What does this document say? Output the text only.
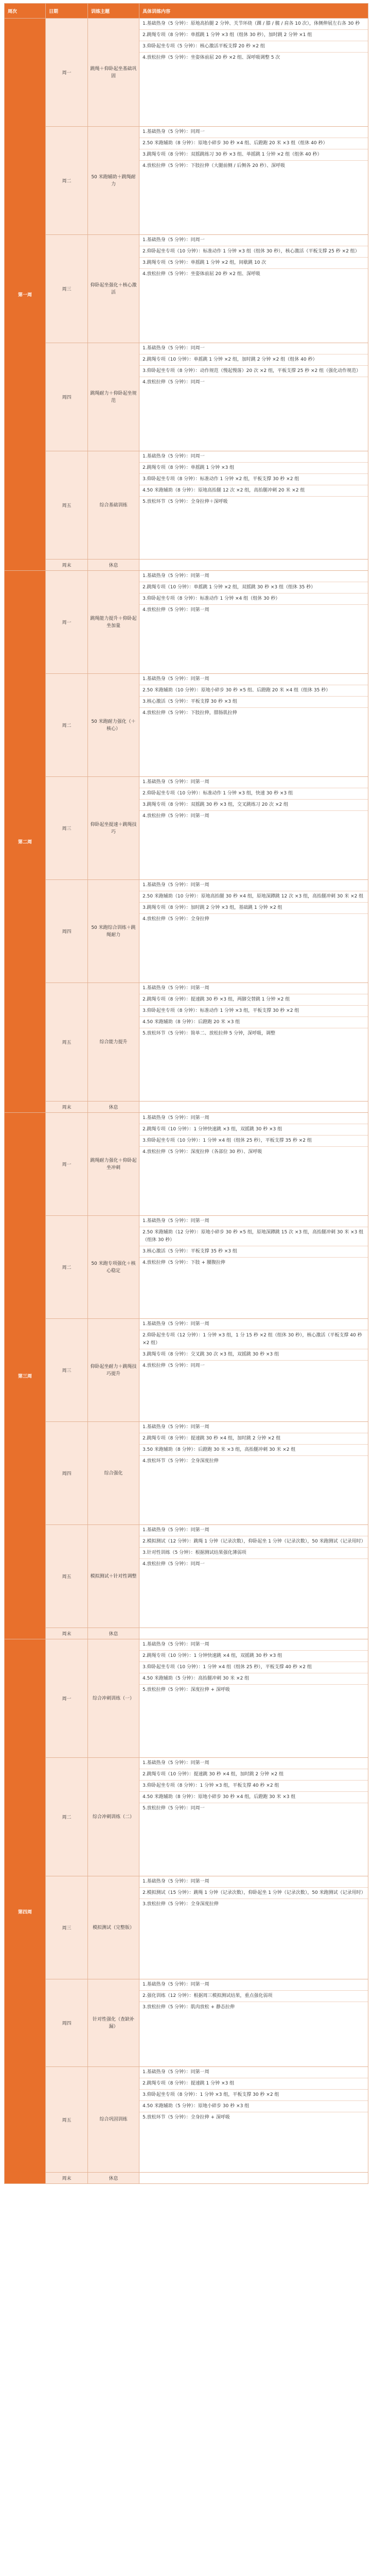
周次	日期	训练主题	具体训练内容
第一周	周一	跳绳＋仰卧起坐基础巩固	1.基础热身（5 分钟）：原地高抬腿 2 分钟、关节环绕（踝 / 膝 / 髋 / 肩各 10 次），体侧伸展左右各 30 秒
2.跳绳专项（8 分钟）：单摇跳 1 分钟 ×3 组（组休 30 秒），加时跳 2 分钟 ×1 组
3.仰卧起坐专项（5 分钟）：核心激活平板支撑 20 秒 ×2 组
4.放松拉伸（5 分钟）：坐姿体前屈 20 秒 ×2 组、深呼吸调整 5 次

	周二	50 米跑辅助＋跳绳耐力	1.基础热身（5 分钟）：同周一
2.50 米跑辅助（8 分钟）：原地小碎步 30 秒 ×4 组、后蹬跑 20 米 ×3 组（组休 40 秒）
3.跳绳专项（8 分钟）：双摇跳练习 30 秒 ×3 组、单摇跳 1 分钟 ×2 组（组休 40 秒）
4.放松拉伸（5 分钟）：下肢拉伸（大腿前侧 / 后侧各 20 秒）、深呼吸

	周三	仰卧起坐强化＋核心激活	1.基础热身（5 分钟）：同周一
2.仰卧起坐专项（10 分钟）：标准动作 1 分钟 ×3 组（组休 30 秒），核心激活（平板支撑 25 秒 ×2 组）
3.跳绳专项（5 分钟）：单摇跳 1 分钟 ×2 组，间歇跳 10 次
4.放松拉伸（5 分钟）：坐姿体前屈 20 秒 ×2 组、深呼吸

	周四	跳绳耐力＋仰卧起坐规范	1.基础热身（5 分钟）：同周一
2.跳绳专项（10 分钟）：单摇跳 1 分钟 ×2 组，加时跳 2 分钟 ×2 组（组休 40 秒）
3.仰卧起坐专项（8 分钟）：动作规范（慢起慢落）20 次 ×2 组，平板支撑 25 秒 ×2 组（强化动作规范）
4.放松拉伸（5 分钟）：同周一

	周五	综合基础训练	1.基础热身（5 分钟）：同周一
2.跳绳专项（8 分钟）：单摇跳 1 分钟 ×3 组
3.仰卧起坐专项（8 分钟）：标准动作 1 分钟 ×2 组，平板支撑 30 秒 ×2 组
4.50 米跑辅助（8 分钟）：原地高抬腿 12 次 ×2 组，高抬腿冲刺 20 米 ×2 组
5.放松环节（5 分钟）：全身拉伸＋深呼吸

	周末	休息	
第二周	周一	跳绳能力提升＋仰卧起坐加量	1.基础热身（5 分钟）：同第一周
2.跳绳专项（10 分钟）：单摇跳 1 分钟 ×2 组，双摇跳 30 秒 ×3 组（组休 35 秒）
3.仰卧起坐专项（8 分钟）：标准动作 1 分钟 ×4 组（组休 30 秒）
4.放松拉伸（5 分钟）：同第一周

	周二	50 米跑耐力强化（＋核心）	1.基础热身（5 分钟）：同第一周
2.50 米跑辅助（10 分钟）：原地小碎步 30 秒 ×5 组、后蹬跑 20 米 ×4 组（组休 35 秒）
3.核心激活（5 分钟）：平板支撑 30 秒 ×3 组
4.放松拉伸（5 分钟）：下肢拉伸，腓肠肌拉伸

	周三	仰卧起坐提速＋跳绳技巧	1.基础热身（5 分钟）：同第一周
2.仰卧起坐专项（10 分钟）：标准动作 1 分钟 ×3 组，快速 30 秒 ×3 组
3.跳绳专项（8 分钟）：双摇跳 30 秒 ×3 组，交叉跳练习 20 次 ×2 组
4.放松拉伸（5 分钟）：同第一周

	周四	50 米跑综合训练＋跳绳耐力	1.基础热身（5 分钟）：同第一周
2.50 米跑辅助（10 分钟）：原地高抬腿 30 秒 ×4 组，原地深蹲跳 12 次 ×3 组，高抬腿冲刺 30 米 ×2 组
3.跳绳专项（8 分钟）：加时跳 2 分钟 ×3 组，基础跳 1 分钟 ×2 组
4.放松拉伸（5 分钟）：全身拉伸

	周五	综合能力提升	1.基础热身（5 分钟）：同第一周
2.跳绳专项（8 分钟）：提速跳 30 秒 ×3 组，两脚交替跳 1 分钟 ×2 组
3.仰卧起坐专项（8 分钟）：标准动作 1 分钟 ×3 组，平板支撑 30 秒 ×2 组
4.50 米跑辅助（8 分钟）：后蹬跑 20 米 ×3 组
5.放松环节（5 分钟）：简单二、放松拉伸 5 分钟，深呼吸，调整

	周末	休息	
第三周	周一	跳绳耐力强化＋仰卧起坐冲刺	1.基础热身（5 分钟）：同第一周
2.跳绳专项（10 分钟）：1 分钟快速跳 ×3 组，双摇跳 30 秒 ×3 组
3.仰卧起坐专项（10 分钟）：1 分钟 ×4 组（组休 25 秒），平板支撑 35 秒 ×2 组
4.放松拉伸（5 分钟）：深度拉伸（各部位 30 秒）、深呼吸

	周二	50 米跑专项强化＋核心稳定	1.基础热身（5 分钟）：同第一周
2.50 米跑辅助（12 分钟）：原地小碎步 30 秒 ×5 组，原地深蹲跳 15 次 ×3 组，高抬腿冲刺 30 米 ×3 组（组休 30 秒）
3.核心激活（5 分钟）：平板支撑 35 秒 ×3 组
4.放松拉伸（5 分钟）：下肢 + 腰腹拉伸

	周三	仰卧起坐耐力＋跳绳技巧提升	1.基础热身（5 分钟）：同第一周
2.仰卧起坐专项（12 分钟）：1 分钟 ×3 组，1 分 15 秒 ×2 组（组休 30 秒），核心激活（平板支撑 40 秒 ×2 组）
3.跳绳专项（8 分钟）：交叉跳 30 次 ×3 组，双摇跳 30 秒 ×3 组
4.放松拉伸（5 分钟）：同周一

	周四	综合强化	1.基础热身（5 分钟）：同第一周
2.跳绳专项（8 分钟）：提速跳 30 秒 ×4 组，加时跳 2 分钟 ×2 组
3.50 米跑辅助（8 分钟）：后蹬跑 30 米 ×3 组，高抬腿冲刺 30 米 ×2 组
4.放松环节（5 分钟）：全身深度拉伸

	周五	模拟测试＋针对性调整	1.基础热身（5 分钟）：同第一周
2.模拟测试（12 分钟）：跳绳 1 分钟（记录次数），仰卧起坐 1 分钟（记录次数），50 米跑测试（记录用时）
3.针对性训练（5 分钟）：根据测试结果强化薄弱项
4.放松拉伸（5 分钟）：同周一

	周末	休息	
第四周	周一	综合冲刺训练（一）	1.基础热身（5 分钟）：同第一周
2.跳绳专项（10 分钟）：1 分钟快速跳 ×4 组，双摇跳 30 秒 ×3 组
3.仰卧起坐专项（10 分钟）：1 分钟 ×4 组（组休 25 秒），平板支撑 40 秒 ×2 组
4.50 米跑辅助（5 分钟）：高抬腿冲刺 30 米 ×2 组
5.放松拉伸（5 分钟）：深度拉伸 + 深呼吸

	周二	综合冲刺训练（二）	1.基础热身（5 分钟）：同第一周
2.跳绳专项（10 分钟）：提速跳 30 秒 ×4 组，加时跳 2 分钟 ×2 组
3.仰卧起坐专项（8 分钟）：1 分钟 ×3 组，平板支撑 40 秒 ×2 组
4.50 米跑辅助（8 分钟）：原地小碎步 30 秒 ×4 组，后蹬跑 30 米 ×3 组
5.放松拉伸（5 分钟）：同周一

	周三	模拟测试（完整版）	1.基础热身（5 分钟）：同第一周
2.模拟测试（15 分钟）：跳绳 1 分钟（记录次数），仰卧起坐 1 分钟（记录次数），50 米跑测试（记录用时）
3.放松拉伸（5 分钟）：全身深度拉伸

	周四	针对性强化（查缺补漏）	1.基础热身（5 分钟）：同第一周
2.强化训练（12 分钟）：根据周三模拟测试结果，重点强化弱项
3.放松拉伸（5 分钟）：肌肉放松 + 静态拉伸

	周五	综合巩固训练	1.基础热身（5 分钟）：同第一周
2.跳绳专项（8 分钟）：提速跳 1 分钟 ×3 组
3.仰卧起坐专项（8 分钟）：1 分钟 ×3 组，平板支撑 30 秒 ×2 组
4.50 米跑辅助（5 分钟）：原地小碎步 30 秒 ×3 组
5.放松环节（5 分钟）：全身拉伸 + 深呼吸

	周末	休息	
